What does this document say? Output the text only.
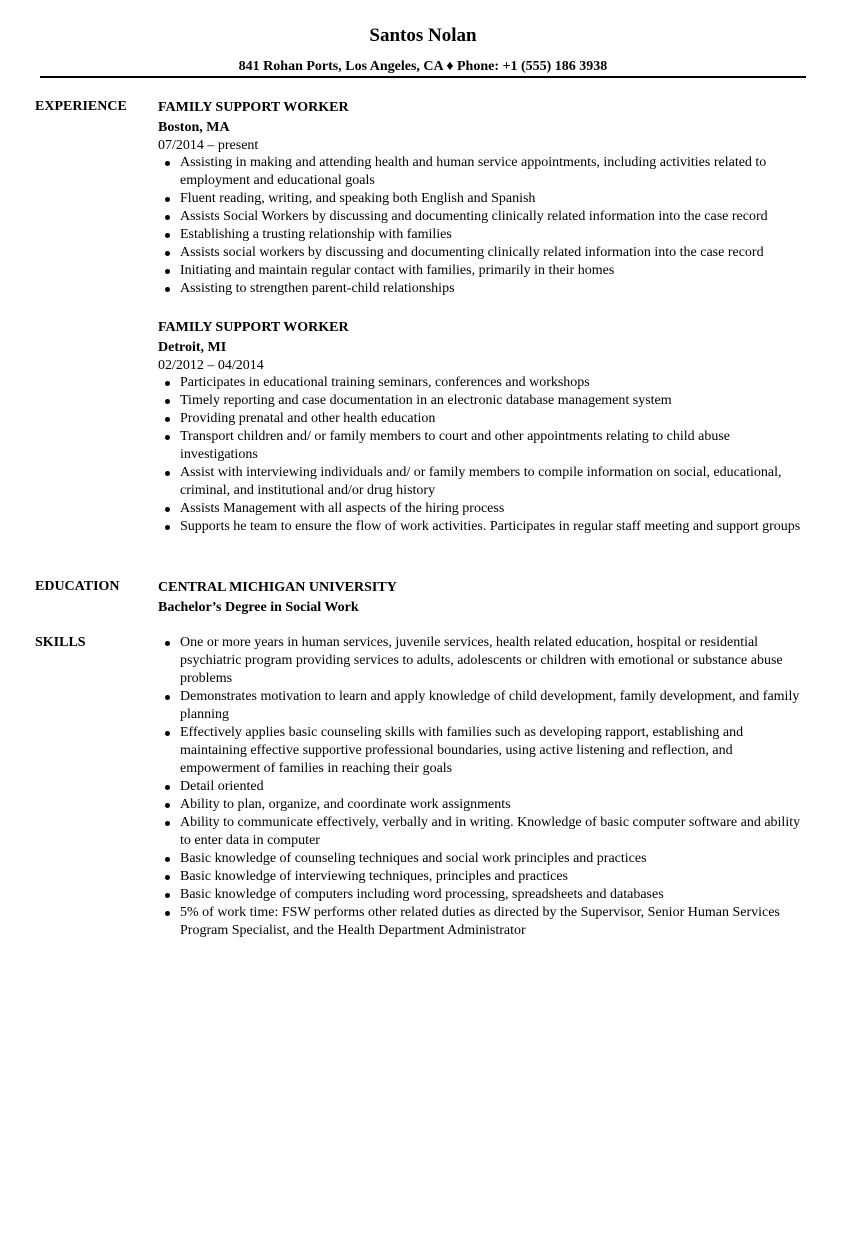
Santos Nolan
841 Rohan Ports, Los Angeles, CA ♦ Phone: +1 (555) 186 3938
EXPERIENCE FAMILY SUPPORT WORKER
Boston, MA
07/2014 – present
Assisting in making and attending health and human service appointments, including activities related to employment and educational goals
Fluent reading, writing, and speaking both English and Spanish
Assists Social Workers by discussing and documenting clinically related information into the case record
Establishing a trusting relationship with families
Assists social workers by discussing and documenting clinically related information into the case record
Initiating and maintain regular contact with families, primarily in their homes
Assisting to strengthen parent-child relationships
FAMILY SUPPORT WORKER
Detroit, MI
02/2012 – 04/2014
Participates in educational training seminars, conferences and workshops
Timely reporting and case documentation in an electronic database management system
Providing prenatal and other health education
Transport children and/ or family members to court and other appointments relating to child abuse investigations
Assist with interviewing individuals and/ or family members to compile information on social, educational, criminal, and institutional and/or drug history
Assists Management with all aspects of the hiring process
Supports he team to ensure the flow of work activities. Participates in regular staff meeting and support groups
EDUCATION	CENTRAL MICHIGAN UNIVERSITY
Bachelor’s Degree in Social Work
SKILLS	One or more years in human services, juvenile services, health related education, hospital or residential psychiatric program providing services to adults, adolescents or children with emotional or substance abuse problems
Demonstrates motivation to learn and apply knowledge of child development, family development, and family planning
Effectively applies basic counseling skills with families such as developing rapport, establishing and maintaining effective supportive professional boundaries, using active listening and reflection, and empowerment of families in reaching their goals
Detail oriented
Ability to plan, organize, and coordinate work assignments
Ability to communicate effectively, verbally and in writing. Knowledge of basic computer software and ability to enter data in computer
Basic knowledge of counseling techniques and social work principles and practices
Basic knowledge of interviewing techniques, principles and practices
Basic knowledge of computers including word processing, spreadsheets and databases
5% of work time: FSW performs other related duties as directed by the Supervisor, Senior Human Services Program Specialist, and the Health Department Administrator
